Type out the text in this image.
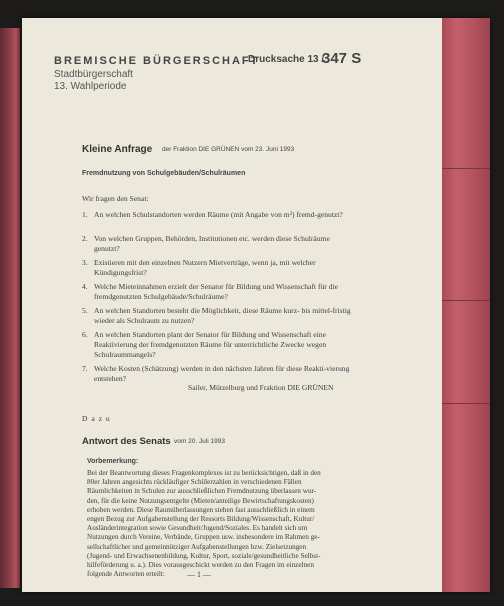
BREMISCHE BÜRGERSCHAFT
Stadtbürgerschaft
13. Wahlperiode
Drucksache 13 /
347 S
Kleine Anfrage der Fraktion DIE GRÜNEN vom 23. Juni 1993
Fremdnutzung von Schulgebäuden/Schulräumen
Wir fragen den Senat:
1. An welchen Schulstandorten werden Räume (mit Angabe von m²) fremd-genutzt?
2. Von welchen Gruppen, Behörden, Institutionen etc. werden diese Schulräume genutzt?
3. Existieren mit den einzelnen Nutzern Mietverträge, wenn ja, mit welcher Kündigungsfrist?
4. Welche Mieteinnahmen erzielt der Senator für Bildung und Wissenschaft für die fremdgenutzten Schulgebäude/Schulräume?
5. An welchen Standorten besteht die Möglichkeit, diese Räume kurz- bis mittel-fristig wieder als Schulraum zu nutzen?
6. An welchen Standorten plant der Senator für Bildung und Wissenschaft eine Reaktivierung der fremdgenutzten Räume für unterrichtliche Zwecke wegen Schulraummangels?
7. Welche Kosten (Schätzung) werden in den nächsten Jahren für diese Reakti-vierung entstehen?
Sailer, Mützelburg und Fraktion DIE GRÜNEN
D a z u
Antwort des Senats vom 20. Juli 1993
Vorbemerkung:
Bei der Beantwortung dieses Fragenkomplexes ist zu berücksichtigen, daß in den
80er Jahren angesichts rückläufiger Schülerzahlen in verschiedenen Fällen
Räumlichkeiten in Schulen zur ausschließlichen Fremdnutzung überlassen wur-
den, für die keine Nutzungsentgelte (Mieten/anteilige Bewirtschaftungskosten)
erhoben werden. Diese Raumüberlassungen stehen fast ausschließlich in einem
engen Bezug zur Aufgabenstellung der Ressorts Bildung/Wissenschaft, Kultur/
Ausländerintegration sowie Gesundheit/Jugend/Soziales. Es handelt sich um
Nutzungen durch Vereine, Verbände, Gruppen usw. insbesondere im Rahmen ge-
sellschaftlicher und gemeinnütziger Aufgabenstellungen bzw. Zielsetzungen
(Jugend- und Erwachsenenbildung, Kultur, Sport, soziale/gesundheitliche Selbst-
hilfeförderung u. a.). Dies vorausgeschickt werden zu den Fragen im einzelnen
folgende Antworten erteilt:	— 1 —
